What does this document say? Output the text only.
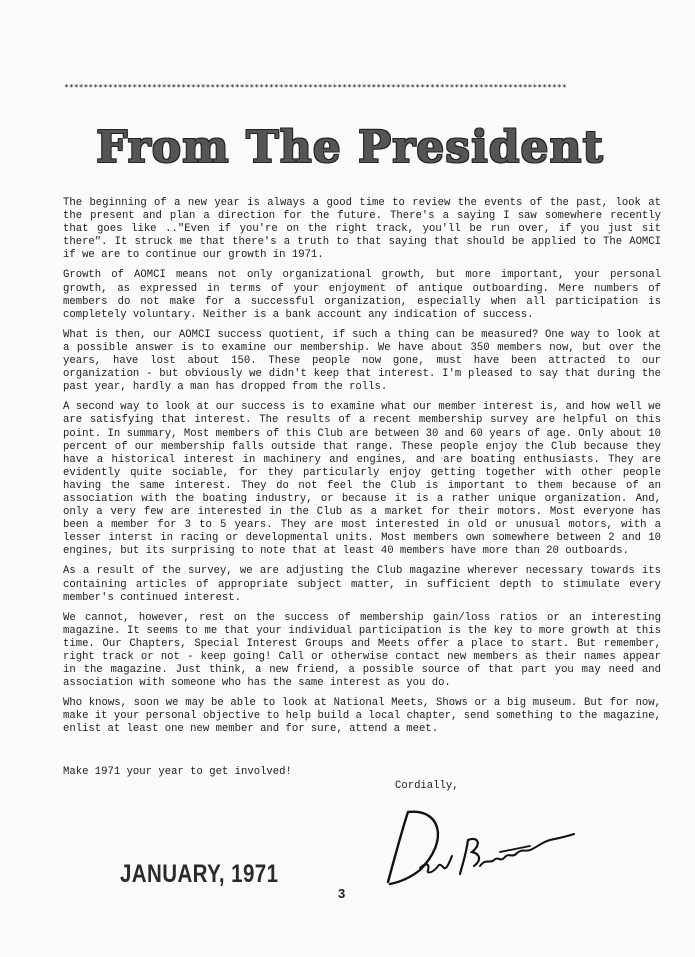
*******************************************************************************************************
From The President

The beginning of a new year is always a good time to review the events of the past, look at the present and plan a direction for the future. There's a saying I saw somewhere recently that goes like .."Even if you're on the right track, you'll be run over, if you just sit there". It struck me that there's a truth to that saying that should be applied to The AOMCI if we are to continue our growth in 1971.

Growth of AOMCI means not only organizational growth, but more important, your personal growth, as expressed in terms of your enjoyment of antique outboarding. Mere numbers of members do not make for a successful organization, especially when all participation is completely voluntary. Neither is a bank account any indication of success.

What is then, our AOMCI success quotient, if such a thing can be measured? One way to look at a possible answer is to examine our membership. We have about 350 members now, but over the years, have lost about 150. These people now gone, must have been attracted to our organization - but obviously we didn't keep that interest. I'm pleased to say that during the past year, hardly a man has dropped from the rolls.

A second way to look at our success is to examine what our member interest is, and how well we are satisfying that interest. The results of a recent membership survey are helpful on this point. In summary, Most members of this Club are between 30 and 60 years of age. Only about 10 percent of our membership falls outside that range. These people enjoy the Club because they have a historical interest in machinery and engines, and are boating enthusiasts. They are evidently quite sociable, for they particularly enjoy getting together with other people having the same interest. They do not feel the Club is important to them because of an association with the boating industry, or because it is a rather unique organization. And, only a very few are interested in the Club as a market for their motors. Most everyone has been a member for 3 to 5 years. They are most interested in old or unusual motors, with a lesser interst in racing or developmental units. Most members own somewhere between 2 and 10 engines, but its surprising to note that at least 40 members have more than 20 outboards.

As a result of the survey, we are adjusting the Club magazine wherever necessary towards its containing articles of appropriate subject matter, in sufficient depth to stimulate every member's continued interest.

We cannot, however, rest on the success of membership gain/loss ratios or an interesting magazine. It seems to me that your individual participation is the key to more growth at this time. Our Chapters, Special Interest Groups and Meets offer a place to start. But remember, right track or not - keep going! Call or otherwise contact new members as their names appear in the magazine. Just think, a new friend, a possible source of that part you may need and association with someone who has the same interest as you do.

Who knows, soon we may be able to look at National Meets, Shows or a big museum. But for now, make it your personal objective to help build a local chapter, send something to the magazine, enlist at least one new member and for sure, attend a meet.

Make 1971 your year to get involved!
Cordially,
JANUARY, 1971
3
